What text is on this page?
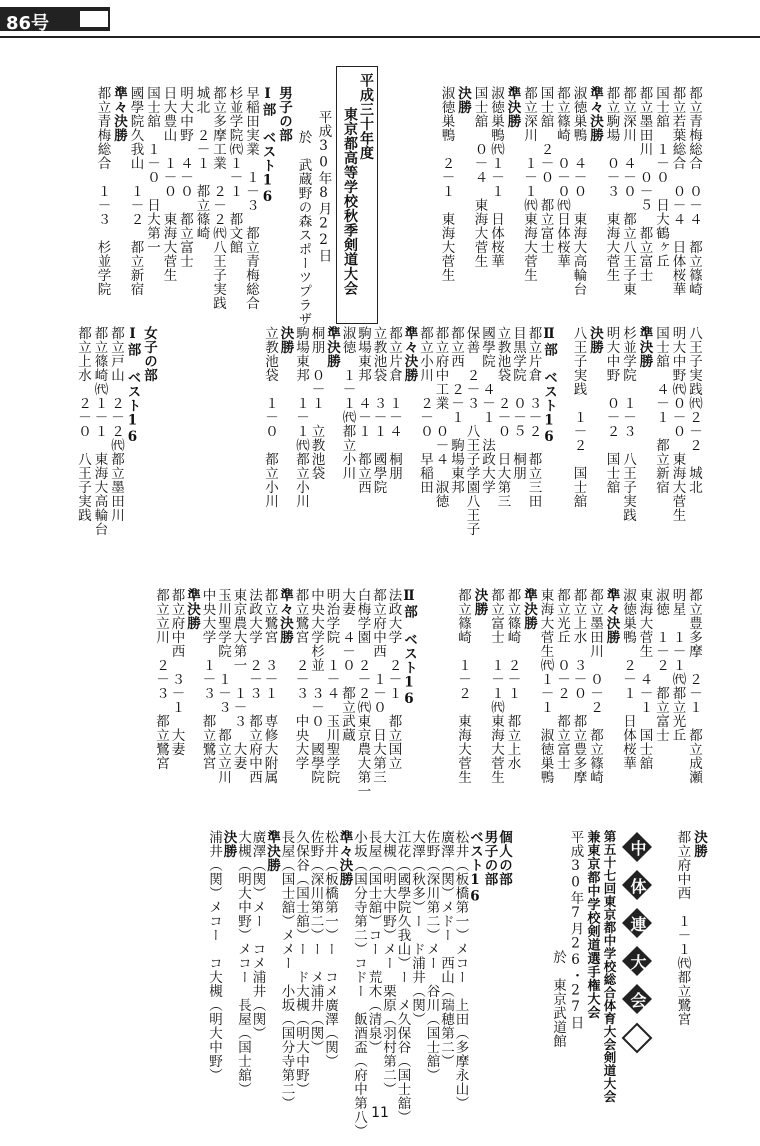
86号
平成三十年度
東京都高等学校秋季剣道大会
平成30年8月22日
於　武蔵野の森スポーツプラザ	都立青梅総合　０－４　都立篠崎
都立若葉総合　０－４　日体桜華
国士舘　１－０　日大鶴ヶ丘
都立墨田川　０－５　都立富士
都立深川　４－０　都立八王子東
都立駒場　０－３　東海大菅生
準々決勝
淑徳巣鴨　４－０　東海大高輪台
都立篠崎　０－０㈹日体桜華
国士舘　２－０　都立富士
都立深川　１－１㈹東海大菅生
準決勝
淑徳巣鴨㈹１－１　日体桜華
国士舘　０－４　東海大菅生
決勝
淑徳巣鴨　２－１　東海大菅生
男子の部
Ⅰ部　ベスト16
早稲田実業　１－３　都立青梅総合
杉並学院㈹１－１　都文館
都立多摩工業　２－２㈹八王子実践
城北　２－１　都立篠崎
明大中野　４－０　都立富士
日大豊山　１－０　東海大菅生
国士舘　１－０　日大第一
國學院久我山　１－２　都立新宿
準々決勝
都立青梅総合　１－３　杉並学院
八王子実践㈹２－２　城北
明大中野㈹０－０　東海大菅生
国士舘　４－１　都立新宿
準決勝
杉並学院　１－３　八王子実践
明大中野　０－２　国士舘
決勝
八王子実践　１－２　国士舘
Ⅱ部　ベスト16
都立片倉　３－２　都立三田
目黒学院　０－５　桐朋
立教池袋　２－０　日大第三
國學院　４－１　法政大学
保善　２－３　八王子学園八王子
都立西　２－１　駒場東邦
都立府中工業　０－４　淑徳
都立小川　２－０　早稲田
準々決勝
都立片倉　１－４　桐朋
立教池袋　３－１　國學院
駒場東邦　４－１　都立西
淑徳　１－１㈹都立小川
準決勝
桐朋　０－１　立教池袋
駒場東邦　１－１㈹都立小川
決勝
立教池袋　１－０　都立小川
女子の部
Ⅰ部　ベスト16
都立戸山　２－２㈹都立墨田川
都立篠崎㈹１－１　東海大高輪台
都立上水　２－０　八王子実践
都立豊多摩　２－１　都立成瀬
明星　１－１㈹都立光丘
淑徳　１－２　都立富士
東海大菅生　４－１　国士舘
淑徳巣鴨　２－１　日体桜華
準々決勝
都立墨田川　０－２　都立篠崎
都立上水　３－０　都立豊多摩
都立光丘　０－２　都立富士
東海大菅生㈹１－１　淑徳巣鴨
準決勝
都立篠崎　２－１　都立上水
都立富士　１－１㈹東海大菅生
決勝
都立篠崎　１－２　東海大菅生
Ⅱ部　ベスト16
法政大学　２－１　都立国立
都立府中西　１－０　日大第三
白梅学園　２－２㈹東京農大第一
大妻　４－０　都立武蔵
明治学院　１－４　玉川聖学院
中央大学杉並　３－０　國學院
都立鷺宮　２－３　中央大学
準々決勝
都立鷺宮　３－１　専修大附属
法政大学　２－３　都立府中西
東京農大第一　１－３　大妻
玉川聖学院　１－３　都立立川
中央大学　１－３　都立鷺宮
準決勝
都立府中西　３－１　大妻
都立立川　２－３　都立鷺宮
決勝
都立府中西　１－１㈹都立鷺宮
中体連大会
第五十七回東京都中学校総合体育大会剣道大会
兼東京都中学校剣道選手権大会
平成30年7月26・27日
於　東京武道館
個人の部
男子の部
ベスト16
松井（板橋第一）メコー　上田（多摩永山）
廣澤（関）メドー　西山（瑞穂第二）
佐野（深川第二）メー　谷川（国士舘）
大澤（秋多）ー　ド浦井（関）
江花（國學院久我山）ー　メ久保谷（国士舘）
大槻（明大中野）メー　栗原（羽村第二）
長屋（国士舘）コー　荒木（清泉）
小坂（国分寺第二）コドー　飯酒盃（府中第八）
準々決勝
松井（板橋第一）ー　コメ廣澤（関）
佐野（深川第二）ー　メ浦井（関）
久保谷（国士舘）ー　ド大槻（明大中野）
長屋（国士舘）メメー　小坂（国分寺第二）
準決勝
廣澤（関）メー　コメ浦井（関）
大槻（明大中野）メコー　長屋（国士舘）
決勝
浦井（関）メコー　コ大槻（明大中野）
11
